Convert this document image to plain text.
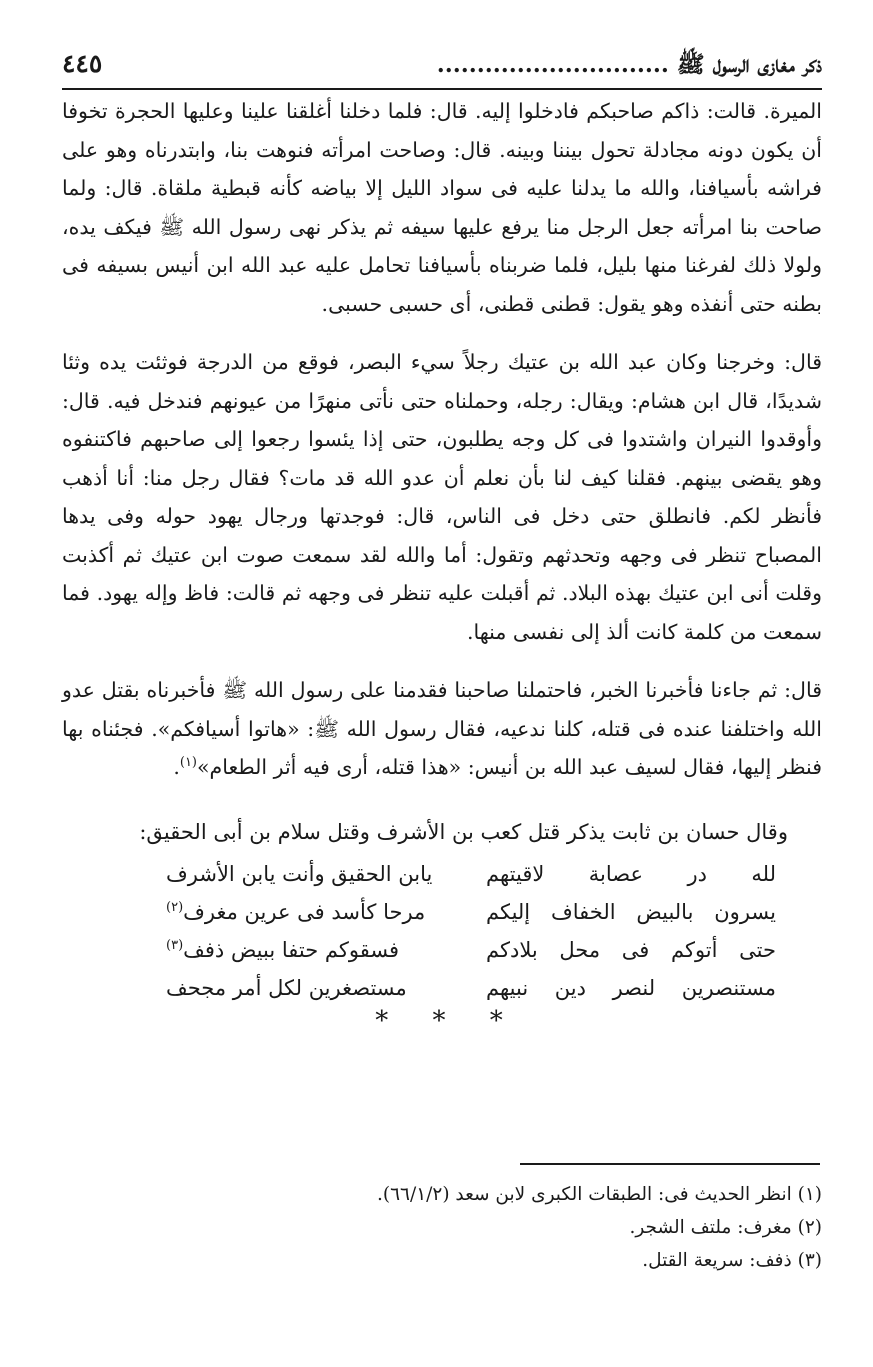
ذكر مغازى الرسول ﷺ .............................
٤٤٥

الميرة. قالت: ذاكم صاحبكم فادخلوا إليه. قال: فلما دخلنا أغلقنا علينا وعليها الحجرة تخوفا أن يكون دونه مجادلة تحول بيننا وبينه. قال: وصاحت امرأته فنوهت بنا، وابتدرناه وهو على فراشه بأسيافنا، والله ما يدلنا عليه فى سواد الليل إلا بياضه كأنه قبطية ملقاة. قال: ولما صاحت بنا امرأته جعل الرجل منا يرفع عليها سيفه ثم يذكر نهى رسول الله ﷺ فيكف يده، ولولا ذلك لفرغنا منها بليل، فلما ضربناه بأسيافنا تحامل عليه عبد الله ابن أنيس بسيفه فى بطنه حتى أنفذه وهو يقول: قطنى قطنى، أى حسبى حسبى.

قال: وخرجنا وكان عبد الله بن عتيك رجلاً سيء البصر، فوقع من الدرجة فوثئت يده وثئا شديدًا، قال ابن هشام: ويقال: رجله، وحملناه حتى نأتى منهرًا من عيونهم فندخل فيه. قال: وأوقدوا النيران واشتدوا فى كل وجه يطلبون، حتى إذا يئسوا رجعوا إلى صاحبهم فاكتنفوه وهو يقضى بينهم. فقلنا كيف لنا بأن نعلم أن عدو الله قد مات؟ فقال رجل منا: أنا أذهب فأنظر لكم. فانطلق حتى دخل فى الناس، قال: فوجدتها ورجال يهود حوله وفى يدها المصباح تنظر فى وجهه وتحدثهم وتقول: أما والله لقد سمعت صوت ابن عتيك ثم أكذبت وقلت أنى ابن عتيك بهذه البلاد. ثم أقبلت عليه تنظر فى وجهه ثم قالت: فاظ وإله يهود. فما سمعت من كلمة كانت ألذ إلى نفسى منها.

قال: ثم جاءنا فأخبرنا الخبر، فاحتملنا صاحبنا فقدمنا على رسول الله ﷺ فأخبرناه بقتل عدو الله واختلفنا عنده فى قتله، كلنا ندعيه، فقال رسول الله ﷺ: «هاتوا أسيافكم». فجئناه بها فنظر إليها، فقال لسيف عبد الله بن أنيس: «هذا قتله، أرى فيه أثر الطعام»$^{(١)}$.

وقال حسان بن ثابت يذكر قتل كعب بن الأشرف وقتل سلام بن أبى الحقيق:
لله در عصابة لاقيتهم
يابن الحقيق وأنت يابن الأشرف
يسرون بالبيض الخفاف إليكم
مرحا كأسد فى عرين مغرف$^{(٢)}$
حتى أتوكم فى محل بلادكم
فسقوكم حتفا ببيض ذفف$^{(٣)}$
مستنصرين لنصر دين نبيهم
مستصغرين لكل أمر مجحف
* * *

(١) انظر الحديث فى: الطبقات الكبرى لابن سعد (٦٦/١/٢).

(٢) مغرف: ملتف الشجر.

(٣) ذفف: سريعة القتل.
